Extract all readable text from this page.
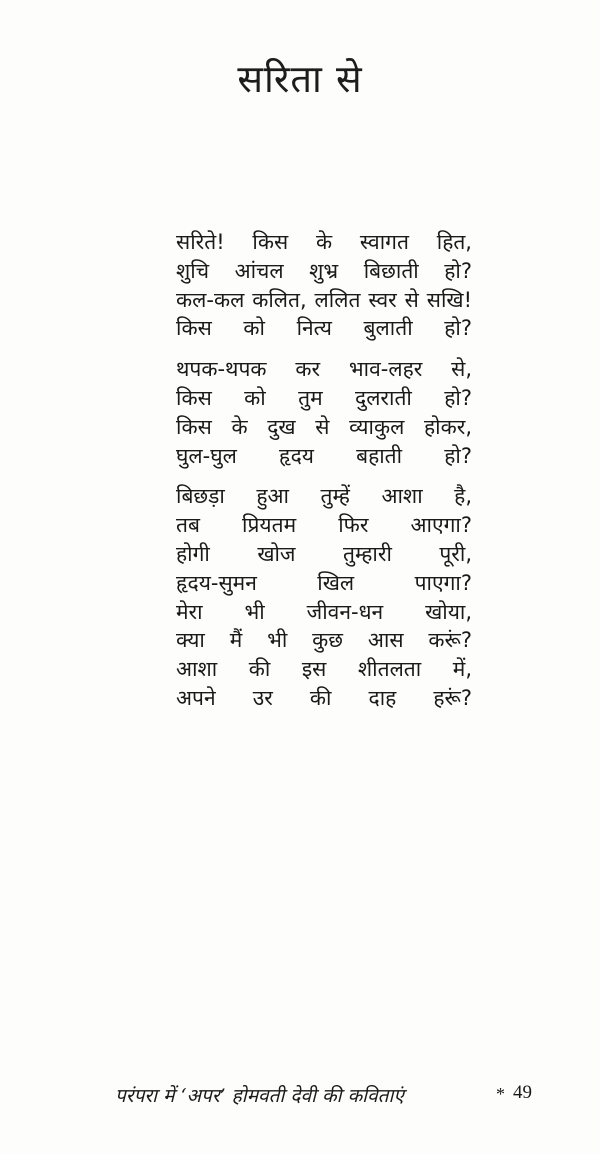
सरिता से
सरिते! किस के स्वागत हित,
शुचि आंचल शुभ्र बिछाती हो?
कल-कल कलित, ललित स्वर से सखि!
किस को नित्य बुलाती हो?
थपक-थपक कर भाव-लहर से,
किस को तुम दुलराती हो?
किस के दुख से व्याकुल होकर,
घुल-घुल हृदय बहाती हो?
बिछड़ा हुआ तुम्हें आशा है,
तब प्रियतम फिर आएगा?
होगी खोज तुम्हारी पूरी,
हृदय-सुमन खिल पाएगा?
मेरा भी जीवन-धन खोया,
क्या मैं भी कुछ आस करूं?
आशा की इस शीतलता में,
अपने उर की दाह हरूं?
परंपरा में ‘अपर’ होमवती देवी की कविताएं	* 49
